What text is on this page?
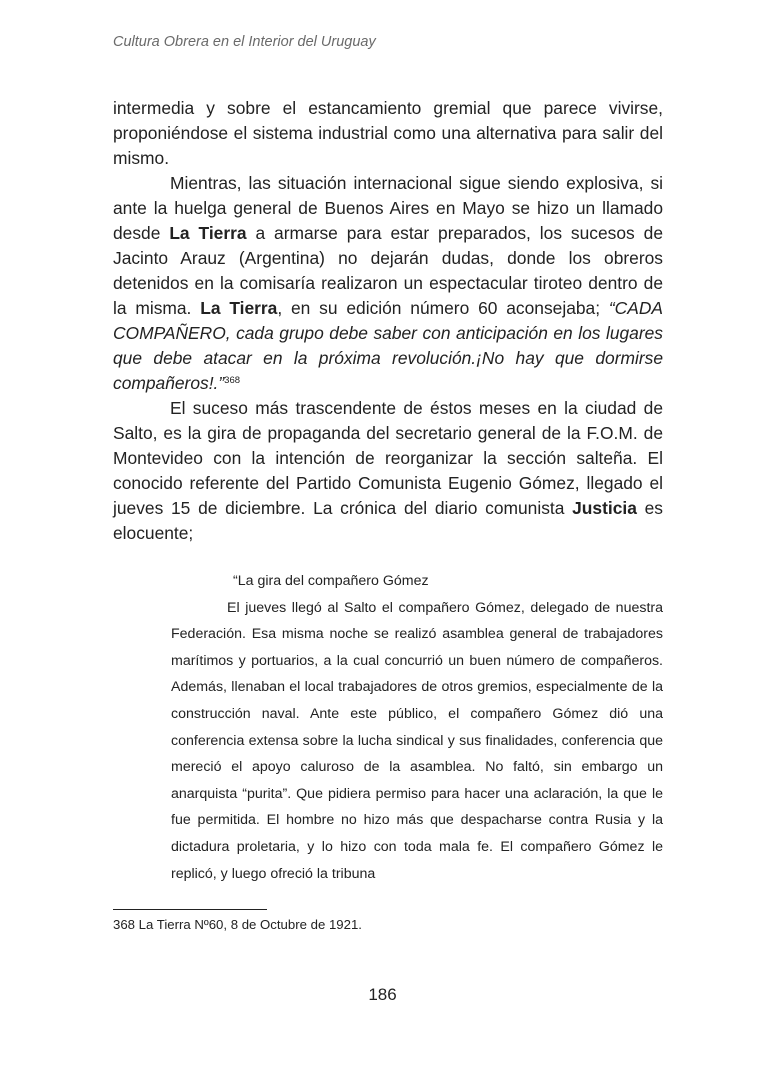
Cultura Obrera en el Interior del Uruguay

intermedia y sobre el estancamiento gremial que parece vivirse, proponiéndose el sistema industrial como una alternativa para salir del mismo.

Mientras, las situación internacional sigue siendo explosiva, si ante la huelga general de Buenos Aires en Mayo se hizo un llamado desde La Tierra a armarse para estar preparados, los sucesos de Jacinto Arauz (Argentina) no dejarán dudas, donde los obreros detenidos en la comisaría realizaron un espectacular tiroteo dentro de la misma. La Tierra, en su edición número 60 aconsejaba; “CADA COMPAÑERO, cada grupo debe saber con anticipación en los lugares que debe atacar en la próxima revolución.¡No hay que dormirse compañeros!.”$^{368}$

El suceso más trascendente de éstos meses en la ciudad de Salto, es la gira de propaganda del secretario general de la F.O.M. de Montevideo con la intención de reorganizar la sección salteña. El conocido referente del Partido Comunista Eugenio Gómez, llegado el jueves 15 de diciembre. La crónica del diario comunista Justicia es elocuente;

“La gira del compañero Gómez

El jueves llegó al Salto el compañero Gómez, delegado de nuestra Federación. Esa misma noche se realizó asamblea general de trabajadores marítimos y portuarios, a la cual concurrió un buen número de compañeros. Además, llenaban el local trabajadores de otros gremios, especialmente de la construcción naval. Ante este público, el compañero Gómez dió una conferencia extensa sobre la lucha sindical y sus finalidades, conferencia que mereció el apoyo caluroso de la asamblea. No faltó, sin embargo un anarquista “purita”. Que pidiera permiso para hacer una aclaración, la que le fue permitida. El hombre no hizo más que despacharse contra Rusia y la dictadura proletaria, y lo hizo con toda mala fe. El compañero Gómez le replicó, y luego ofreció la tribuna

368 La Tierra Nº60, 8 de Octubre de 1921.
186
